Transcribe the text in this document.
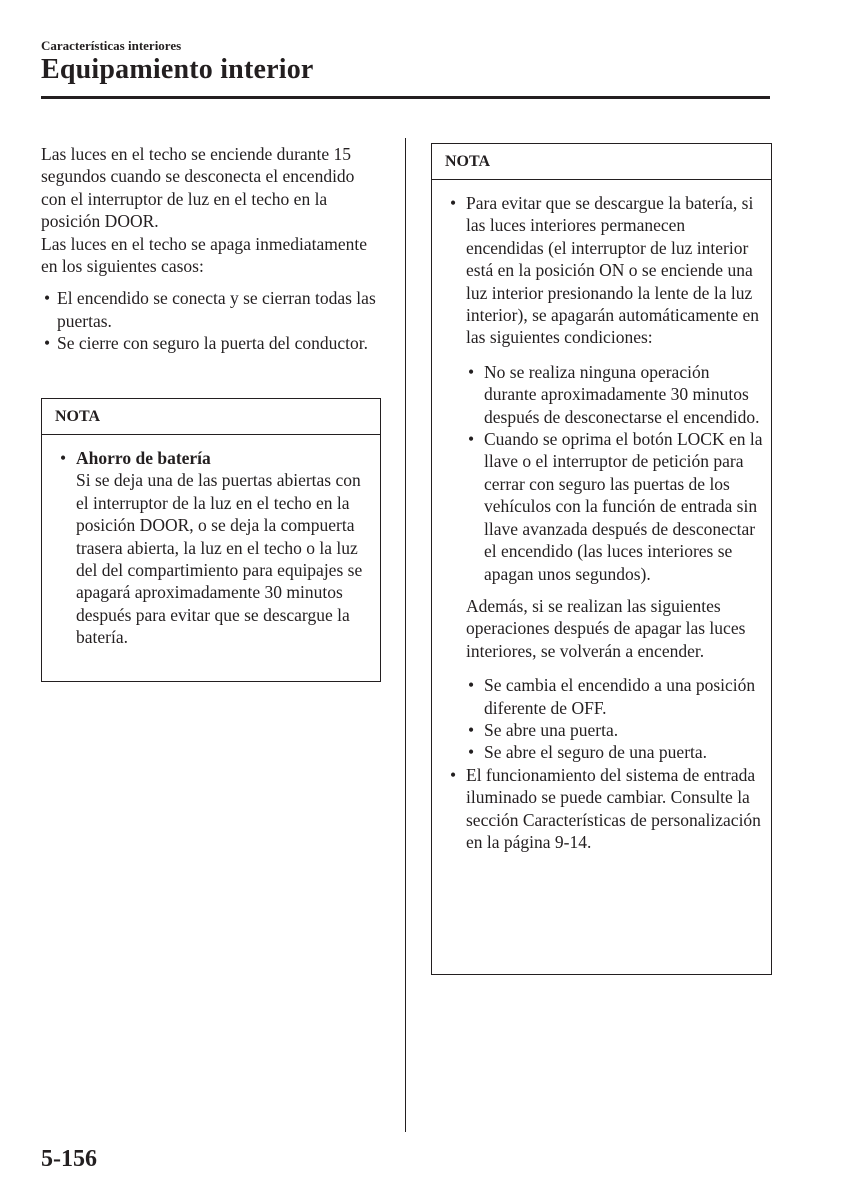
Características interiores
Equipamiento interior

Las luces en el techo se enciende durante 15 segundos cuando se desconecta el encendido con el interruptor de luz en el techo en la posición DOOR.

Las luces en el techo se apaga inmediatamente en los siguientes casos:

• El encendido se conecta y se cierran todas las puertas.
• Se cierre con seguro la puerta del conductor.
NOTA
• Ahorro de batería
Si se deja una de las puertas abiertas con el interruptor de la luz en el techo en la posición DOOR, o se deja la compuerta trasera abierta, la luz en el techo o la luz del del compartimiento para equipajes se apagará aproximadamente 30 minutos después para evitar que se descargue la batería.
NOTA
• Para evitar que se descargue la batería, si las luces interiores permanecen encendidas (el interruptor de luz interior está en la posición ON o se enciende una luz interior presionando la lente de la luz interior), se apagarán automáticamente en las siguientes condiciones:
• No se realiza ninguna operación durante aproximadamente 30 minutos después de desconectarse el encendido.
• Cuando se oprima el botón LOCK en la llave o el interruptor de petición para cerrar con seguro las puertas de los vehículos con la función de entrada sin llave avanzada después de desconectar el encendido (las luces interiores se apagan unos segundos).
Además, si se realizan las siguientes operaciones después de apagar las luces interiores, se volverán a encender.
• Se cambia el encendido a una posición diferente de OFF.
• Se abre una puerta.
• Se abre el seguro de una puerta.
• El funcionamiento del sistema de entrada iluminado se puede cambiar. Consulte la sección Características de personalización en la página 9-14.
5-156
